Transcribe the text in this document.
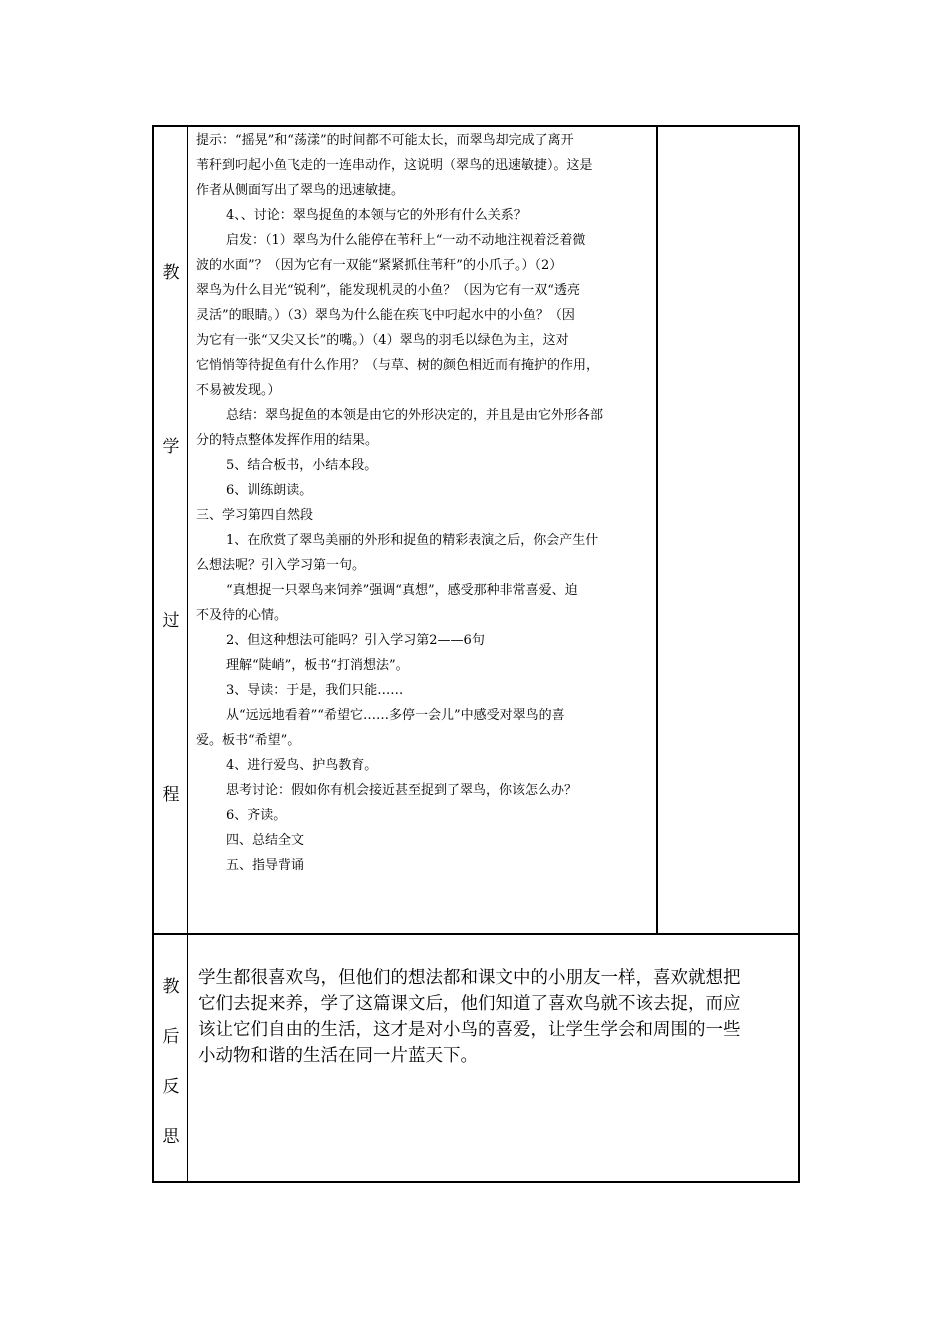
教
学
过
程
提示：“摇晃”和“荡漾”的时间都不可能太长，而翠鸟却完成了离开
苇秆到叼起小鱼飞走的一连串动作，这说明（翠鸟的迅速敏捷）。这是
作者从侧面写出了翠鸟的迅速敏捷。
4、、讨论：翠鸟捉鱼的本领与它的外形有什么关系？
启发：（1）翠鸟为什么能停在苇秆上“一动不动地注视着泛着微
波的水面”？（因为它有一双能“紧紧抓住苇秆”的小爪子。）（2）
翠鸟为什么目光“锐利”，能发现机灵的小鱼？（因为它有一双“透亮
灵活”的眼睛。）（3）翠鸟为什么能在疾飞中叼起水中的小鱼？（因
为它有一张“又尖又长”的嘴。）（4）翠鸟的羽毛以绿色为主，这对
它悄悄等待捉鱼有什么作用？（与草、树的颜色相近而有掩护的作用，
不易被发现。）
总结：翠鸟捉鱼的本领是由它的外形决定的，并且是由它外形各部
分的特点整体发挥作用的结果。
5、结合板书，小结本段。
6、训练朗读。
三、学习第四自然段
1、在欣赏了翠鸟美丽的外形和捉鱼的精彩表演之后，你会产生什
么想法呢？引入学习第一句。
“真想捉一只翠鸟来饲养”强调“真想”，感受那种非常喜爱、迫
不及待的心情。
2、但这种想法可能吗？引入学习第2——6句
理解“陡峭”，板书“打消想法”。
3、导读：于是，我们只能……
从“远远地看着”“希望它……多停一会儿”中感受对翠鸟的喜
爱。板书“希望”。
4、进行爱鸟、护鸟教育。
思考讨论：假如你有机会接近甚至捉到了翠鸟，你该怎么办？
6、齐读。
四、总结全文
五、指导背诵
教
后
反
思
学生都很喜欢鸟，但他们的想法都和课文中的小朋友一样，喜欢就想把
它们去捉来养，学了这篇课文后，他们知道了喜欢鸟就不该去捉，而应
该让它们自由的生活，这才是对小鸟的喜爱，让学生学会和周围的一些
小动物和谐的生活在同一片蓝天下。
